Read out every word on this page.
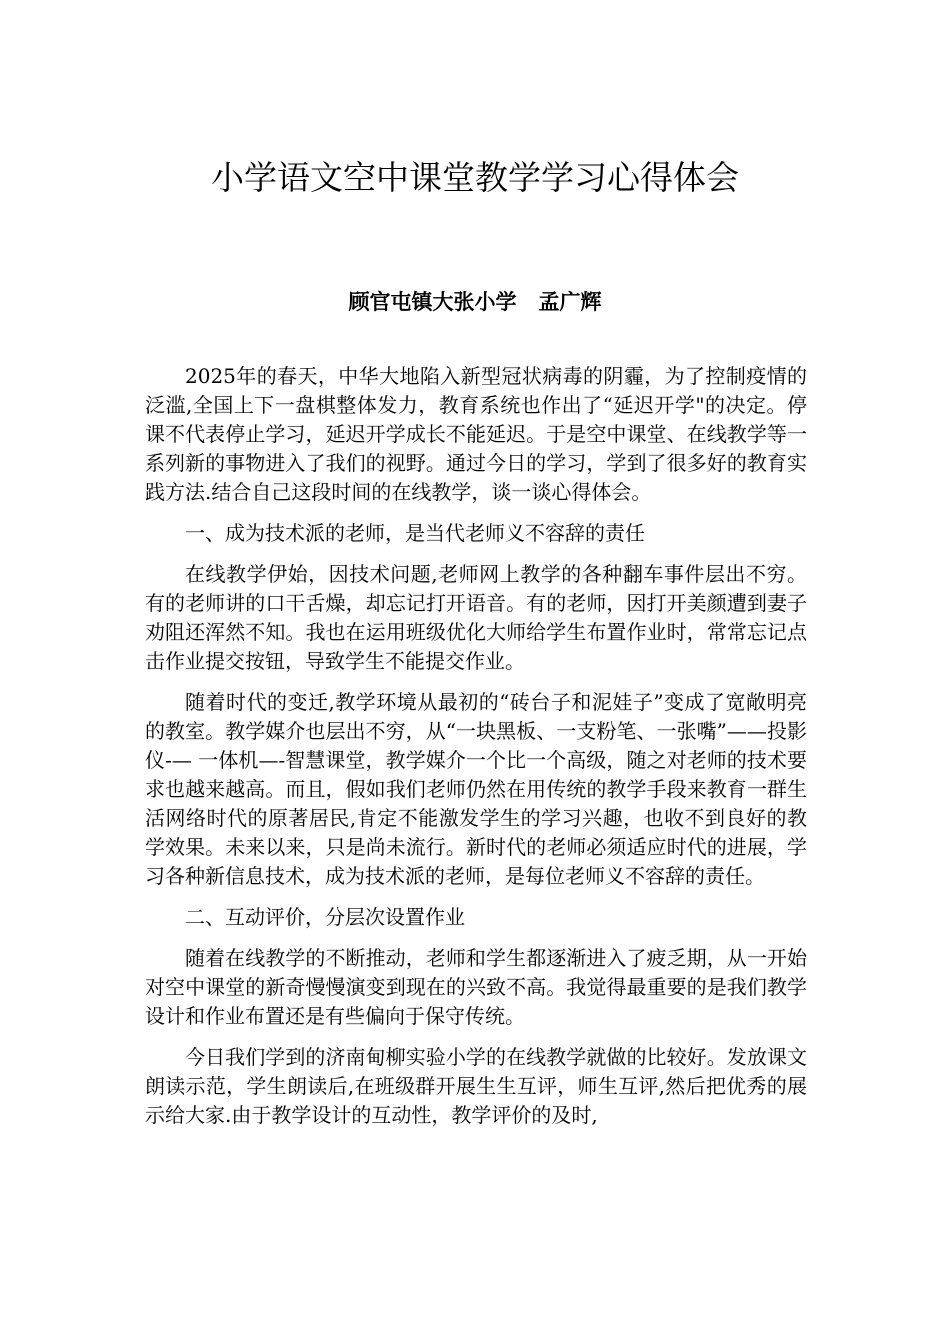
小学语文空中课堂教学学习心得体会

顾官屯镇大张小学   孟广辉

2025年的春天，中华大地陷入新型冠状病毒的阴霾，为了控制疫情的泛滥,全国上下一盘棋整体发力，教育系统也作出了“延迟开学"的决定。停课不代表停止学习，延迟开学成长不能延迟。于是空中课堂、在线教学等一系列新的事物进入了我们的视野。通过今日的学习，学到了很多好的教育实践方法.结合自己这段时间的在线教学，谈一谈心得体会。

一、成为技术派的老师，是当代老师义不容辞的责任

在线教学伊始，因技术问题,老师网上教学的各种翻车事件层出不穷。有的老师讲的口干舌燥，却忘记打开语音。有的老师，因打开美颜遭到妻子劝阻还浑然不知。我也在运用班级优化大师给学生布置作业时，常常忘记点击作业提交按钮，导致学生不能提交作业。

随着时代的变迁,教学环境从最初的“砖台子和泥娃子”变成了宽敞明亮的教室。教学媒介也层出不穷，从“一块黑板、一支粉笔、一张嘴”——投影仪-— 一体机—-智慧课堂，教学媒介一个比一个高级，随之对老师的技术要求也越来越高。而且，假如我们老师仍然在用传统的教学手段来教育一群生活网络时代的原著居民,肯定不能激发学生的学习兴趣，也收不到良好的教学效果。未来以来，只是尚未流行。新时代的老师必须适应时代的进展，学习各种新信息技术，成为技术派的老师，是每位老师义不容辞的责任。

二、互动评价，分层次设置作业

随着在线教学的不断推动，老师和学生都逐渐进入了疲乏期，从一开始对空中课堂的新奇慢慢演变到现在的兴致不高。我觉得最重要的是我们教学设计和作业布置还是有些偏向于保守传统。

今日我们学到的济南甸柳实验小学的在线教学就做的比较好。发放课文朗读示范，学生朗读后,在班级群开展生生互评，师生互评,然后把优秀的展示给大家.由于教学设计的互动性，教学评价的及时,
